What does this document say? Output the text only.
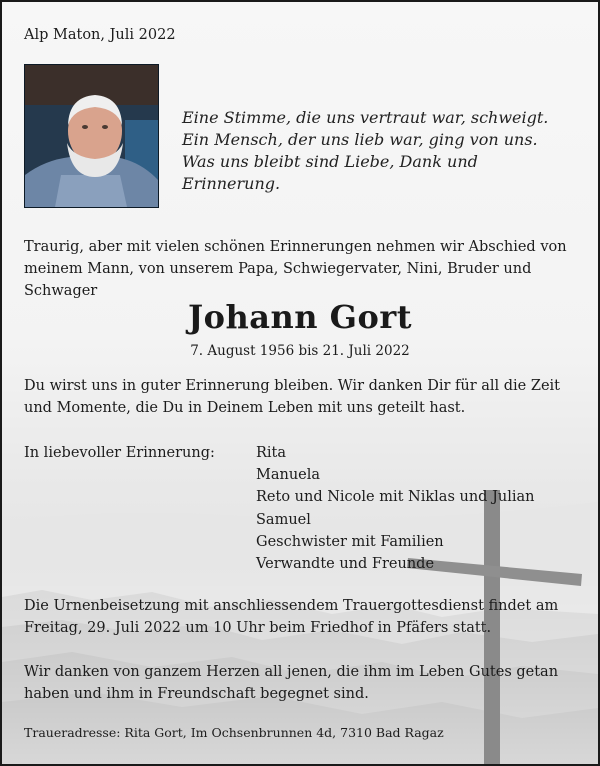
Alp Maton, Juli 2022
Eine Stimme, die uns vertraut war, schweigt. Ein Mensch, der uns lieb war, ging von uns. Was uns bleibt sind Liebe, Dank und Erinnerung.
Traurig, aber mit vielen schönen Erinnerungen nehmen wir Abschied von meinem Mann, von unserem Papa, Schwiegervater, Nini, Bruder und Schwager
Johann Gort
7. August 1956 bis 21. Juli 2022
Du wirst uns in guter Erinnerung bleiben. Wir danken Dir für all die Zeit und Momente, die Du in Deinem Leben mit uns geteilt hast.
In liebevoller Erinnerung:	Rita
Manuela
Reto und Nicole mit Niklas und Julian
Samuel
Geschwister mit Familien
Verwandte und Freunde
Die Urnenbeisetzung mit anschliessendem Trauergottesdienst findet am Freitag, 29. Juli 2022 um 10 Uhr beim Friedhof in Pfäfers statt.
Wir danken von ganzem Herzen all jenen, die ihm im Leben Gutes getan haben und ihm in Freundschaft begegnet sind.
Traueradresse: Rita Gort, Im Ochsenbrunnen 4d, 7310 Bad Ragaz
